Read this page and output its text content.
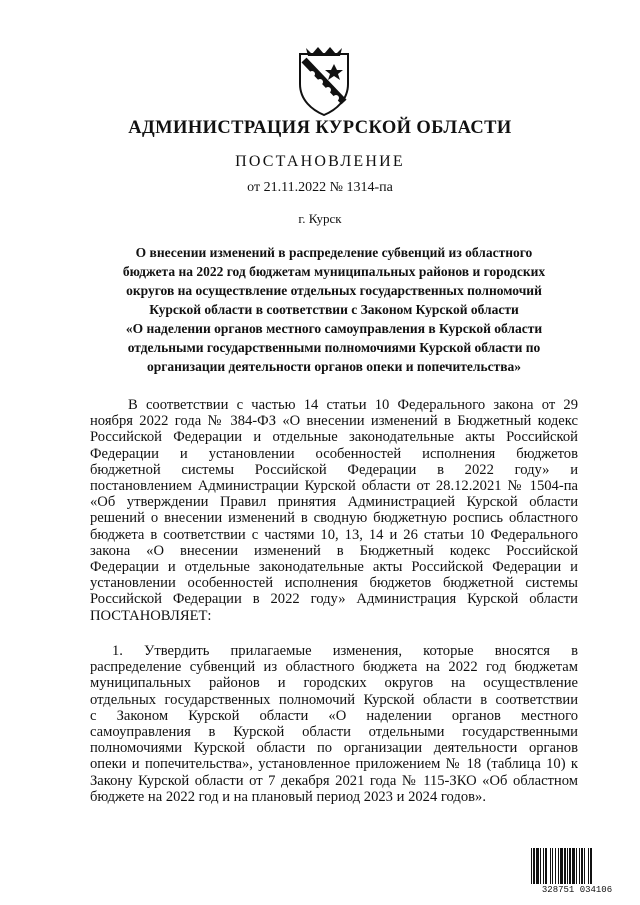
АДМИНИСТРАЦИЯ КУРСКОЙ ОБЛАСТИ
ПОСТАНОВЛЕНИЕ
от 21.11.2022 № 1314-па
г. Курск
О внесении изменений в распределение субвенций из областного
бюджета на 2022 год бюджетам муниципальных районов и городских
округов на осуществление отдельных государственных полномочий
Курской области в соответствии с Законом Курской области
«О наделении органов местного самоуправления в Курской области
отдельными государственными полномочиями Курской области по
организации деятельности органов опеки и попечительства»
В соответствии с частью 14 статьи 10 Федерального закона от 29
ноября 2022 года № 384-ФЗ «О внесении изменений в Бюджетный кодекс
Российской Федерации и отдельные законодательные акты Российской
Федерации и установлении особенностей исполнения бюджетов
бюджетной системы Российской Федерации в 2022 году» и
постановлением Администрации Курской области от 28.12.2021 № 1504-па
«Об утверждении Правил принятия Администрацией Курской области
решений о внесении изменений в сводную бюджетную роспись областного
бюджета в соответствии с частями 10, 13, 14 и 26 статьи 10 Федерального
закона «О внесении изменений в Бюджетный кодекс Российской
Федерации и отдельные законодательные акты Российской Федерации и
установлении особенностей исполнения бюджетов бюджетной системы
Российской Федерации в 2022 году» Администрация Курской области
ПОСТАНОВЛЯЕТ:
1. Утвердить прилагаемые изменения, которые вносятся в
распределение субвенций из областного бюджета на 2022 год бюджетам
муниципальных районов и городских округов на осуществление
отдельных государственных полномочий Курской области в соответствии
с Законом Курской области «О наделении органов местного
самоуправления в Курской области отдельными государственными
полномочиями Курской области по организации деятельности органов
опеки и попечительства», установленное приложением № 18 (таблица 10) к
Закону Курской области от 7 декабря 2021 года № 115-ЗКО «Об областном
бюджете на 2022 год и на плановый период 2023 и 2024 годов».
328751 034106
